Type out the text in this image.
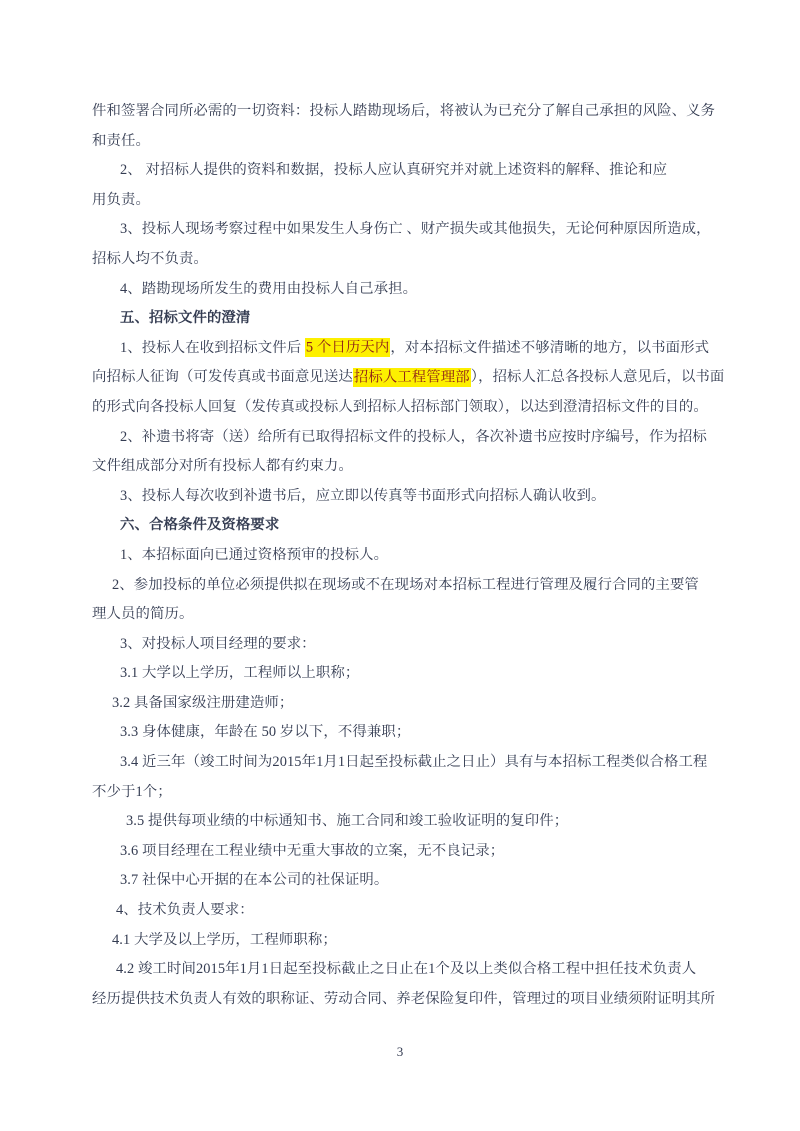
件和签署合同所必需的一切资料：投标人踏勘现场后，将被认为已充分了解自己承担的风险、义务
和责任。
2、 对招标人提供的资料和数据，投标人应认真研究并对就上述资料的解释、推论和应
用负责。
3、投标人现场考察过程中如果发生人身伤亡 、财产损失或其他损失，无论何种原因所造成，
招标人均不负责。
4、踏勘现场所发生的费用由投标人自己承担。
五、招标文件的澄清
1、投标人在收到招标文件后 5 个日历天内，对本招标文件描述不够清晰的地方，以书面形式
向招标人征询（可发传真或书面意见送达招标人工程管理部），招标人汇总各投标人意见后，以书面
的形式向各投标人回复（发传真或投标人到招标人招标部门领取），以达到澄清招标文件的目的。
2、补遗书将寄（送）给所有已取得招标文件的投标人，各次补遗书应按时序编号，作为招标
文件组成部分对所有投标人都有约束力。
3、投标人每次收到补遗书后，应立即以传真等书面形式向招标人确认收到。
六、合格条件及资格要求
1、本招标面向已通过资格预审的投标人。
2、参加投标的单位必须提供拟在现场或不在现场对本招标工程进行管理及履行合同的主要管
理人员的简历。
3、对投标人项目经理的要求：
3.1 大学以上学历，工程师以上职称；
3.2 具备国家级注册建造师；
3.3 身体健康，年龄在 50 岁以下，不得兼职；
3.4 近三年（竣工时间为2015年1月1日起至投标截止之日止）具有与本招标工程类似合格工程
不少于1个；
3.5 提供每项业绩的中标通知书、施工合同和竣工验收证明的复印件；
3.6 项目经理在工程业绩中无重大事故的立案，无不良记录；
3.7 社保中心开据的在本公司的社保证明。
4、技术负责人要求：
4.1 大学及以上学历，工程师职称；
4.2 竣工时间2015年1月1日起至投标截止之日止在1个及以上类似合格工程中担任技术负责人
经历提供技术负责人有效的职称证、劳动合同、养老保险复印件，管理过的项目业绩须附证明其所
3
